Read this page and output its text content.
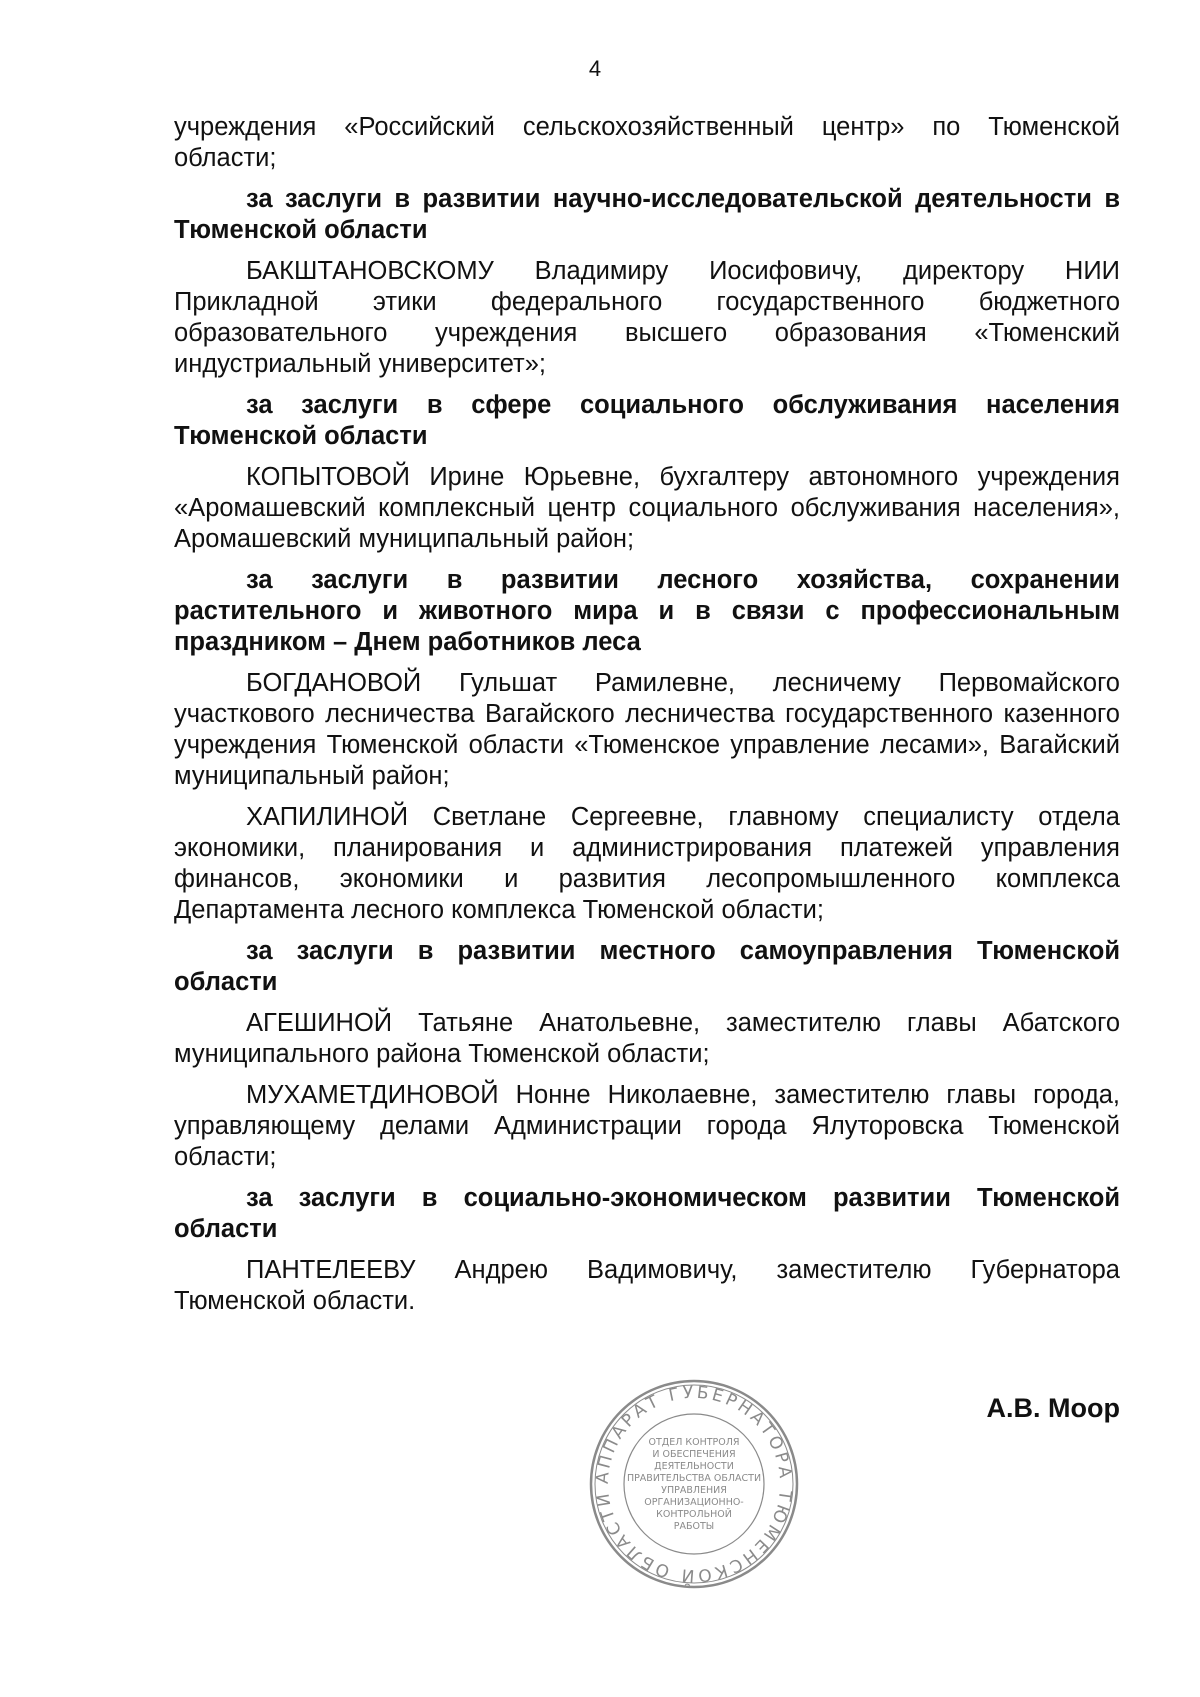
4

учреждения «Российский сельскохозяйственный центр» по Тюменской области;

за заслуги в развитии научно-исследовательской деятельности в Тюменской области

БАКШТАНОВСКОМУ Владимиру Иосифовичу, директору НИИ Прикладной этики федерального государственного бюджетного образовательного учреждения высшего образования «Тюменский индустриальный университет»;

за заслуги в сфере социального обслуживания населения Тюменской области

КОПЫТОВОЙ Ирине Юрьевне, бухгалтеру автономного учреждения «Аромашевский комплексный центр социального обслуживания населения», Аромашевский муниципальный район;

за заслуги в развитии лесного хозяйства, сохранении растительного и животного мира и в связи с профессиональным праздником – Днем работников леса

БОГДАНОВОЙ Гульшат Рамилевне, лесничему Первомайского участкового лесничества Вагайского лесничества государственного казенного учреждения Тюменской области «Тюменское управление лесами», Вагайский муниципальный район;

ХАПИЛИНОЙ Светлане Сергеевне, главному специалисту отдела экономики, планирования и администрирования платежей управления финансов, экономики и развития лесопромышленного комплекса Департамента лесного комплекса Тюменской области;

за заслуги в развитии местного самоуправления Тюменской области

АГЕШИНОЙ Татьяне Анатольевне, заместителю главы Абатского муниципального района Тюменской области;

МУХАМЕТДИНОВОЙ Нонне Николаевне, заместителю главы города, управляющему делами Администрации города Ялуторовска Тюменской области;

за заслуги в социально-экономическом развитии Тюменской области

ПАНТЕЛЕЕВУ Андрею Вадимовичу, заместителю Губернатора Тюменской области.

АППАРАТ ГУБЕРНАТОРА ТЮМЕНСКОЙ ОБЛАСТИ
ОТДЕЛ КОНТРОЛЯ
И ОБЕСПЕЧЕНИЯ
ДЕЯТЕЛЬНОСТИ
ПРАВИТЕЛЬСТВА ОБЛАСТИ
УПРАВЛЕНИЯ
ОРГАНИЗАЦИОННО-
КОНТРОЛЬНОЙ
РАБОТЫ
А.В. Моор
